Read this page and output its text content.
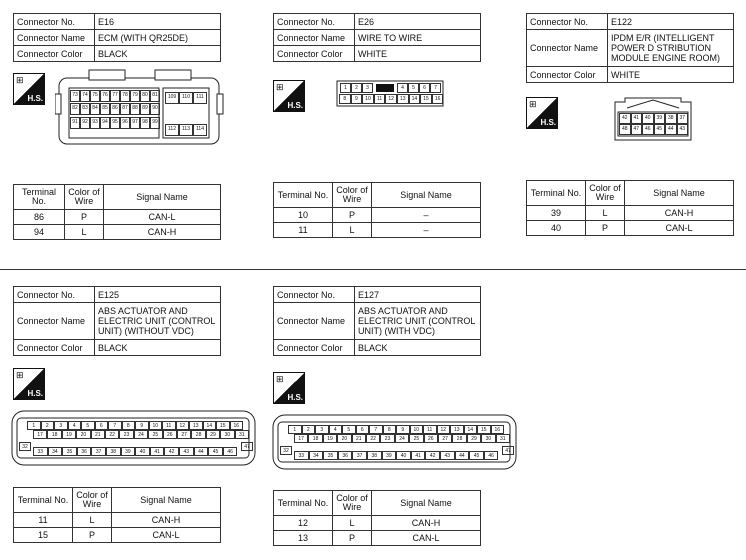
Connector No.	E16
Connector Name	ECM (WITH QR25DE)
Connector Color	BLACK
⊞
H.S.	73 74 75 76 77 78 79 80 81
82 83 84 85 86 87 88 89 90
91 92 93 94 95 96 97 98 99
109	110	111
112	113	114
Terminal No.	Color of Wire	Signal Name
86	P	CAN-L
94	L	CAN-H
Connector No.	E26
Connector Name	WIRE TO WIRE
Connector Color	WHITE
⊞
H.S.
1	2	3	4	5	6	7
8	9	10	11	12	13	14	15	16
Terminal No.	Color of Wire	Signal Name
10	P	–
11	L	–
Connector No.	E122
Connector Name	IPDM E/R (INTELLIGENT POWER D STRIBUTION MODULE ENGINE ROOM)
Connector Color	WHITE
⊞
H.S.	42	41	40	39	38	37
48	47	46	45	44	43
Terminal No.	Color of Wire	Signal Name
39	L	CAN-H
40	P	CAN-L
Connector No.	E125
Connector Name	ABS ACTUATOR AND ELECTRIC UNIT (CONTROL UNIT) (WITHOUT VDC)
Connector Color	BLACK
⊞
H.S.
1	2	3	4	5	6	7	8	9	10	11	12	13	14	15	16
17	18	19	20	21	22	23	24	25	26	27	28	29	30	31
32
33	34	35	36	37	38	39	40	41	42	43	44	45	46
47
Terminal No.	Color of Wire	Signal Name
11	L	CAN-H
15	P	CAN-L
Connector No.	E127
Connector Name	ABS ACTUATOR AND ELECTRIC UNIT (CONTROL UNIT) (WITH VDC)
Connector Color	BLACK
⊞
H.S.
1	2	3	4	5	6	7	8	9	10	11	12	13	14	15	16
17	18	19	20	21	22	23	24	25	26	27	28	29	30	31
32
33	34	35	36	37	38	39	40	41	42	43	44	45	46
47
Terminal No.	Color of Wire	Signal Name
12	L	CAN-H
13	P	CAN-L
